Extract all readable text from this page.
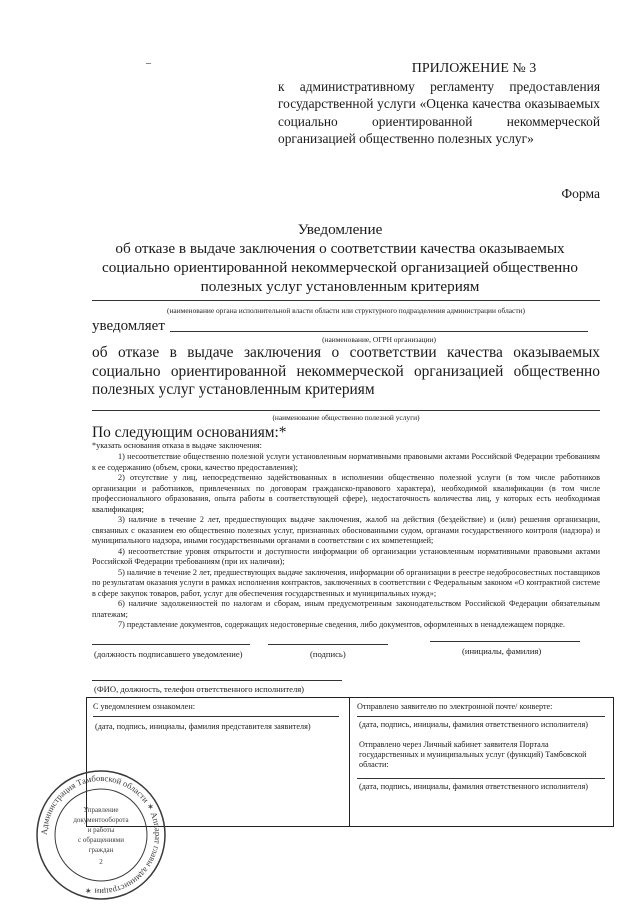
–	ПРИЛОЖЕНИЕ № 3
к административному регламенту предоставления государственной услуги «Оценка качества оказываемых социально ориентированной некоммерческой организацией общественно полезных услуг»
Форма
Уведомление
об отказе в выдаче заключения о соответствии качества оказываемых
социально ориентированной некоммерческой организацией общественно
полезных услуг установленным критериям
(наименование органа исполнительной власти области или структурного подразделения администрации области)
уведомляет
(наименование, ОГРН организации)
об отказе в выдаче заключения о соответствии качества оказываемых социально ориентированной некоммерческой организацией общественно полезных услуг установленным критериям
(наименование общественно полезной услуги)
По следующим основаниям:*
*указать основания отказа в выдаче заключения:
1) несоответствие общественно полезной услуги установленным нормативными правовыми актами Российской Федерации требованиям к ее содержанию (объем, сроки, качество предоставления);
2) отсутствие у лиц, непосредственно задействованных в исполнении общественно полезной услуги (в том числе работников организации и работников, привлеченных по договорам гражданско-правового характера), необходимой квалификации (в том числе профессионального образования, опыта работы в соответствующей сфере), недостаточность количества лиц, у которых есть необходимая квалификация;
3) наличие в течение 2 лет, предшествующих выдаче заключения, жалоб на действия (бездействие) и (или) решения организации, связанных с оказанием ею общественно полезных услуг, признанных обоснованными судом, органами государственного контроля (надзора) и муниципального надзора, иными государственными органами в соответствии с их компетенцией;
4) несоответствие уровня открытости и доступности информации об организации установленным нормативными правовыми актами Российской Федерации требованиям (при их наличии);
5) наличие в течение 2 лет, предшествующих выдаче заключения, информации об организации в реестре недобросовестных поставщиков по результатам оказания услуги в рамках исполнения контрактов, заключенных в соответствии с Федеральным законом «О контрактной системе в сфере закупок товаров, работ, услуг для обеспечения государственных и муниципальных нужд»;
6) наличие задолженностей по налогам и сборам, иным предусмотренным законодательством Российской Федерации обязательным платежам;
7) представление документов, содержащих недостоверные сведения, либо документов, оформленных в ненадлежащем порядке.
(должность подписавшего уведомление)	(подпись)	(инициалы, фамилия)
(ФИО, должность, телефон ответственного исполнителя)
С уведомлением ознакомлен:
(дата, подпись, инициалы, фамилия представителя заявителя)
Отправлено заявителю по электронной почте/ конверте:
(дата, подпись, инициалы, фамилия ответственного исполнителя)
Отправлено через Личный кабинет заявителя Портала государственных и муниципальных услуг (функций) Тамбовской области:
(дата, подпись, инициалы, фамилия ответственного исполнителя)
Администрация Тамбовской области ✶ Аппарат главы администрации ✶
Управление
документооборота
и работы
с обращениями
граждан
2
